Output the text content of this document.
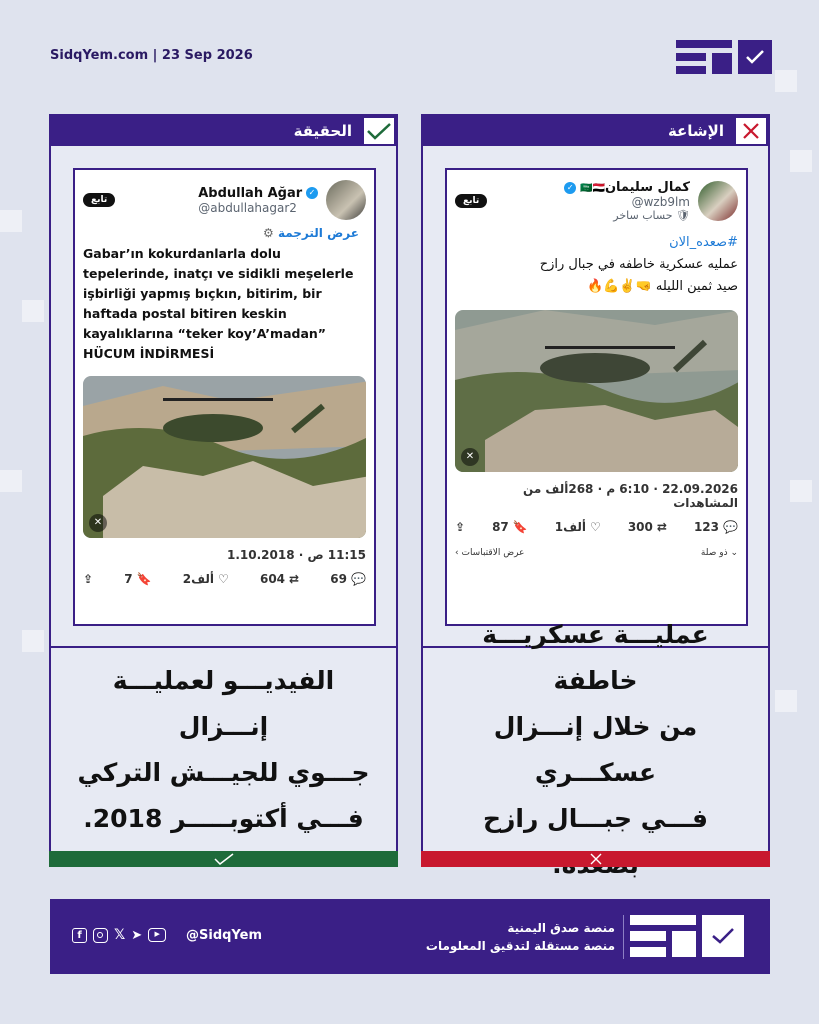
SidqYem.com | 23 Sep 2026
الحقيقة
تابع	Abdullah Ağar ✓
@abdullahagar2
عرض الترجمة ⚙
Gabar’ın kokurdanlarla dolu
tepelerinde, inatçı ve sidikli meşelerle
işbirliği yapmış bıçkın, bitirim, bir
haftada postal bitiren keskin
kayalıklarına “teker koy’A’madan”
HÜCUM İNDİRMESİ
✕
11:15 ص · 1.10.2018
⇪	7 🔖	2ألف ♡	604 ⇄	69 💬
الفيديـــو لعمليـــة إنـــزال
جـــوي للجيـــش التركي
فـــي أكتوبـــــر 2018.
الإشاعة
تابع
كمال سليمان🇸🇦🇾🇪 ✓
@wzb9lm
🛡 حساب ساخر
#صعده_الان
عمليه عسكرية خاطفه في جبال رازح
صيد ثمين الليله 🤜✌️💪🔥
✕
22.09.2026 · 6:10 م · 268ألف من المشاهدات
⇪ 87 🔖 1ألف ♡ 300 ⇄ 123 💬
‹ عرض الاقتباسات	ذو صلة ⌄
عمليـــة عسكريـــة خاطفة
من خلال إنـــزال عسكـــري
فـــي جبـــال رازح
f	𝕏 ➤	▶	@SidqYem	منصة صدق اليمنية
منصة مستقلة لتدقيق المعلومات
